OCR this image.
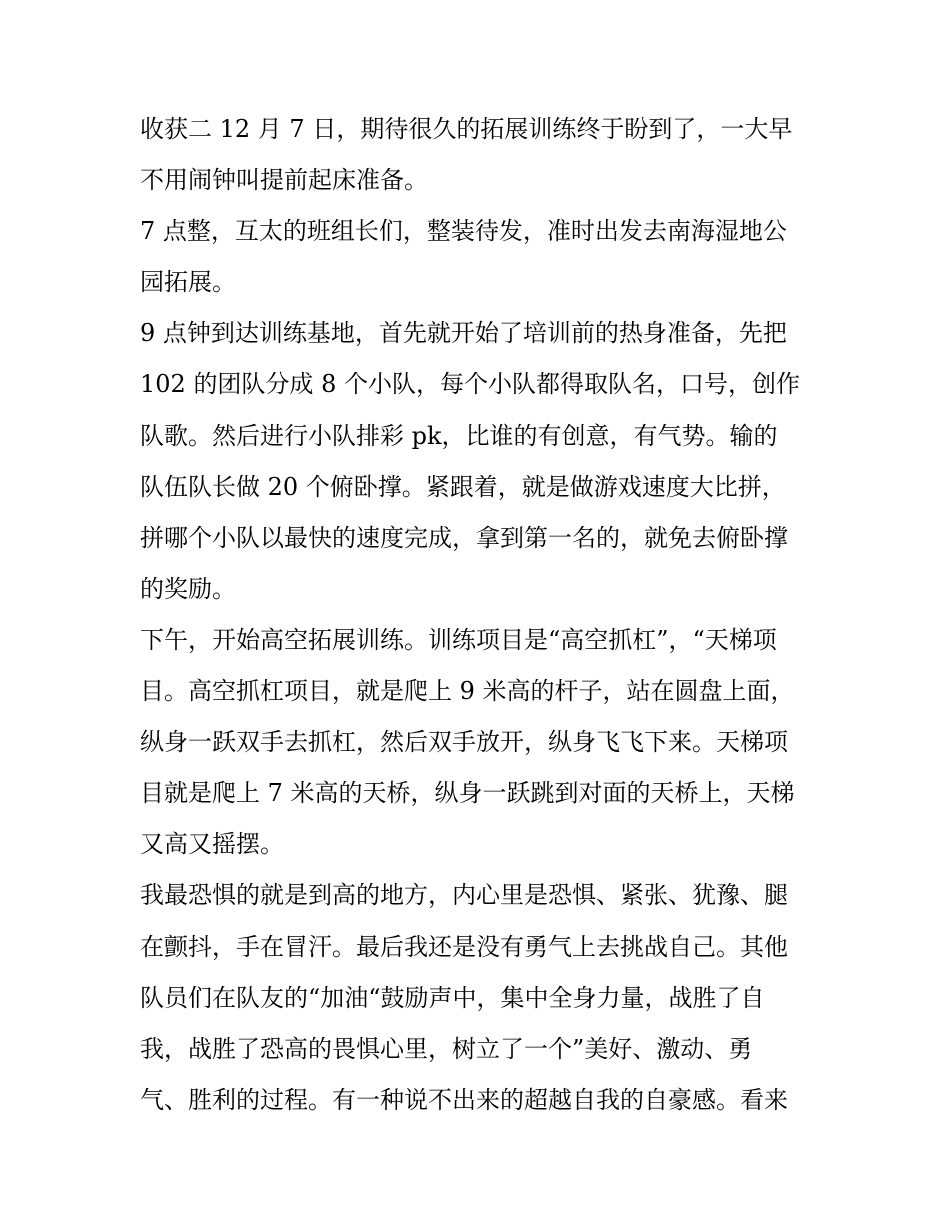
收获二 12 月 7 日，期待很久的拓展训练终于盼到了，一大早
不用闹钟叫提前起床准备。
7 点整，互太的班组长们，整装待发，准时出发去南海湿地公
园拓展。
9 点钟到达训练基地，首先就开始了培训前的热身准备，先把
102 的团队分成 8 个小队，每个小队都得取队名，口号，创作
队歌。然后进行小队排彩 pk，比谁的有创意，有气势。输的
队伍队长做 20 个俯卧撑。紧跟着，就是做游戏速度大比拼，
拼哪个小队以最快的速度完成，拿到第一名的，就免去俯卧撑
的奖励。
下午，开始高空拓展训练。训练项目是“高空抓杠”，“天梯项
目。高空抓杠项目，就是爬上 9 米高的杆子，站在圆盘上面，
纵身一跃双手去抓杠，然后双手放开，纵身飞飞下来。天梯项
目就是爬上 7 米高的天桥，纵身一跃跳到对面的天桥上，天梯
又高又摇摆。
我最恐惧的就是到高的地方，内心里是恐惧、紧张、犹豫、腿
在颤抖，手在冒汗。最后我还是没有勇气上去挑战自己。其他
队员们在队友的“加油“鼓励声中，集中全身力量，战胜了自
我，战胜了恐高的畏惧心里，树立了一个”美好、激动、勇
气、胜利的过程。有一种说不出来的超越自我的自豪感。看来
